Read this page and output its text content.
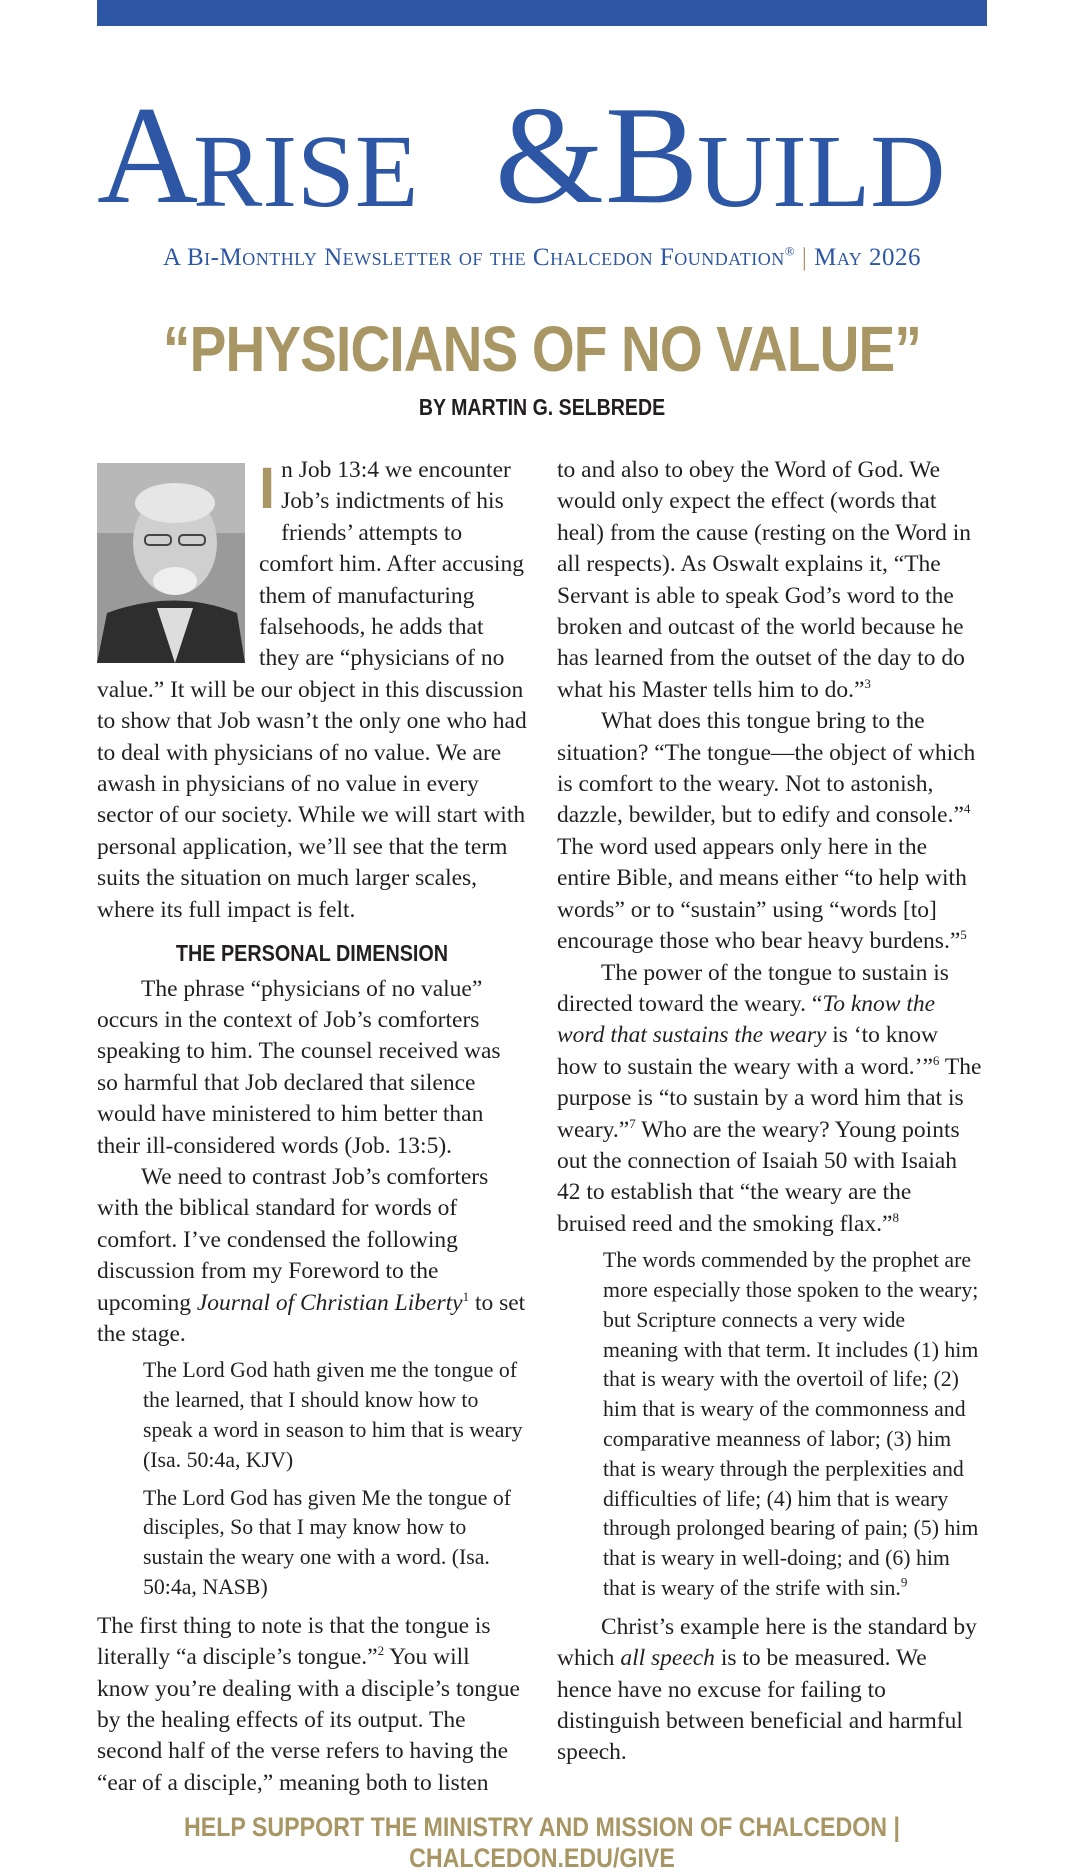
A
RISE & B
UILD
A Bi-Monthly Newsletter of the Chalcedon Foundation® | May 2026
“PHYSICIANS OF NO VALUE”
BY MARTIN G. SELBREDE

In Job 13:4 we encounter Job’s indictments of his friends’ attempts to comfort him. After accusing them of manufacturing falsehoods, he adds that they are “physicians of no value.” It will be our object in this discussion to show that Job wasn’t the only one who had to deal with physicians of no value. We are awash in physicians of no value in every sector of our society. While we will start with personal application, we’ll see that the term suits the situation on much larger scales, where its full impact is felt.

THE PERSONAL DIMENSION

The phrase “physicians of no value” occurs in the context of Job’s comforters speaking to him. The counsel received was so harmful that Job declared that silence would have ministered to him better than their ill-considered words (Job. 13:5).

We need to contrast Job’s comforters with the biblical standard for words of comfort. I’ve condensed the following discussion from my Foreword to the upcoming Journal of Christian Liberty$^1$ to set the stage.

The Lord God hath given me the tongue of the learned, that I should know how to speak a word in season to him that is weary (Isa. 50:4a, KJV)

The Lord God has given Me the tongue of disciples, So that I may know how to sustain the weary one with a word. (Isa. 50:4a, NASB)

The first thing to note is that the tongue is literally “a disciple’s tongue.”$^2$ You will know you’re dealing with a disciple’s tongue by the healing effects of its output. The second half of the verse refers to having the “ear of a disciple,” meaning both to listen

to and also to obey the Word of God. We would only expect the effect (words that heal) from the cause (resting on the Word in all respects). As Oswalt explains it, “The Servant is able to speak God’s word to the broken and outcast of the world because he has learned from the outset of the day to do what his Master tells him to do.”$^3$

What does this tongue bring to the situation? “The tongue—the object of which is comfort to the weary. Not to astonish, dazzle, bewilder, but to edify and console.”$^4$ The word used appears only here in the entire Bible, and means either “to help with words” or to “sustain” using “words [to] encourage those who bear heavy burdens.”$^5$

The power of the tongue to sustain is directed toward the weary. “To know the word that sustains the weary is ‘to know how to sustain the weary with a word.’”$^6$ The purpose is “to sustain by a word him that is weary.”$^7$ Who are the weary? Young points out the connection of Isaiah 50 with Isaiah 42 to establish that “the weary are the bruised reed and the smoking flax.”$^8$

The words commended by the prophet are more especially those spoken to the weary; but Scripture connects a very wide meaning with that term. It includes (1) him that is weary with the overtoil of life; (2) him that is weary of the commonness and comparative meanness of labor; (3) him that is weary through the perplexities and difficulties of life; (4) him that is weary through prolonged bearing of pain; (5) him that is weary in well-doing; and (6) him that is weary of the strife with sin.$^9$

Christ’s example here is the standard by which all speech is to be measured. We hence have no excuse for failing to distinguish between beneficial and harmful speech.

HELP SUPPORT THE MINISTRY AND MISSION OF CHALCEDON | CHALCEDON.EDU/GIVE
